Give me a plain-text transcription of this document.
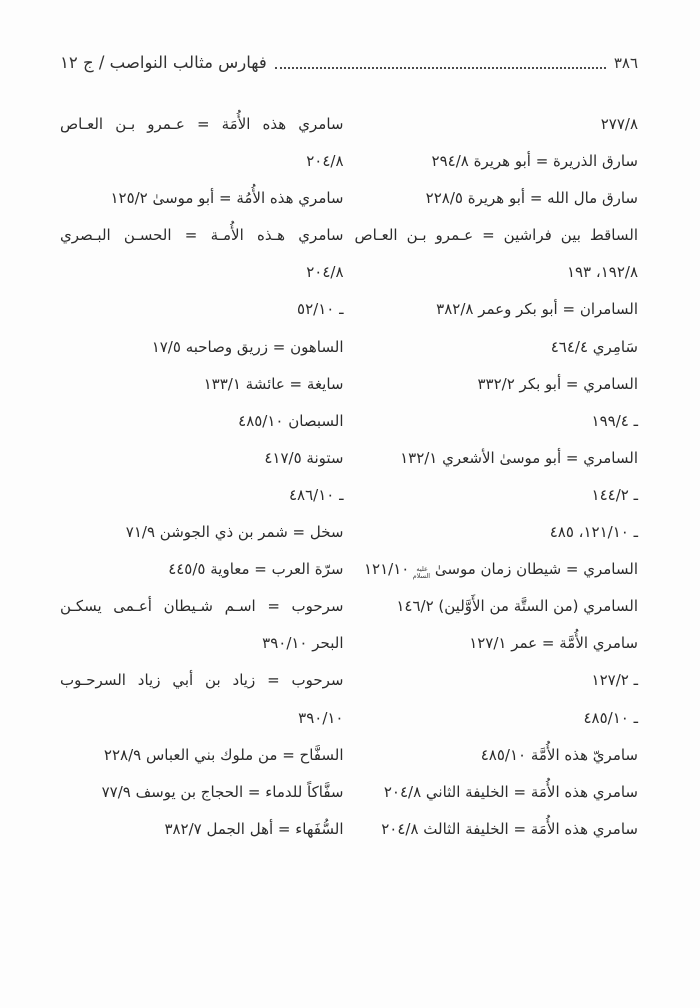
٣٨٦
فهارس مثالب النواصب / ج ١٢
٢٧٧/٨
سارق الذريرة = أبو هريرة ٢٩٤/٨
سارق مال الله = أبو هريرة ٢٢٨/٥
الساقط بين فراشين = عـمرو بـن العـاص
١٩٢/٨، ١٩٣
السامران = أبو بكر وعمر ٣٨٢/٨
سَامِري ٤٦٤/٤
السامري = أبو بكر ٣٣٢/٢
ـ ١٩٩/٤
السامري = أبو موسىٰ الأشعري ١٣٢/١
ـ ١٤٤/٢
ـ ١٢١/١٠، ٤٨٥
السامري = شيطان زمان موسىٰ عليه السلام ١٢١/١٠
السامري (من الستَّة من الأَوَّلين) ١٤٦/٢
سامري الأُمَّة = عمر ١٢٧/١
ـ ١٢٧/٢
ـ ٤٨٥/١٠
سامريّ هذه الأُمَّة ٤٨٥/١٠
سامري هذه الأُمَة = الخليفة الثاني ٢٠٤/٨
سامري هذه الأُمَة = الخليفة الثالث ٢٠٤/٨
سامري هذه الأُمَة = عـمرو بـن العـاص
٢٠٤/٨
سامري هذه الأُمُة = أبو موسىٰ ١٢٥/٢
سامري هـذه الأُمـة = الحسـن البـصري
٢٠٤/٨
ـ ٥٢/١٠
الساهون = زريق وصاحبه ١٧/٥
سايغة = عائشة ١٣٣/١
السبصان ٤٨٥/١٠
ستونة ٤١٧/٥
ـ ٤٨٦/١٠
سخل = شمر بن ذي الجوشن ٧١/٩
سرّة العرب = معاوية ٤٤٥/٥
سرحوب = اسـم شـيطان أعـمى يسكـن
البحر ٣٩٠/١٠
سرحوب = زياد بن أبي زياد السرحـوب
٣٩٠/١٠
السفَّاح = من ملوك بني العباس ٢٢٨/٩
سفَّاكاً للدماء = الحجاج بن يوسف ٧٧/٩
السُّفَهاء = أهل الجمل ٣٨٢/٧
